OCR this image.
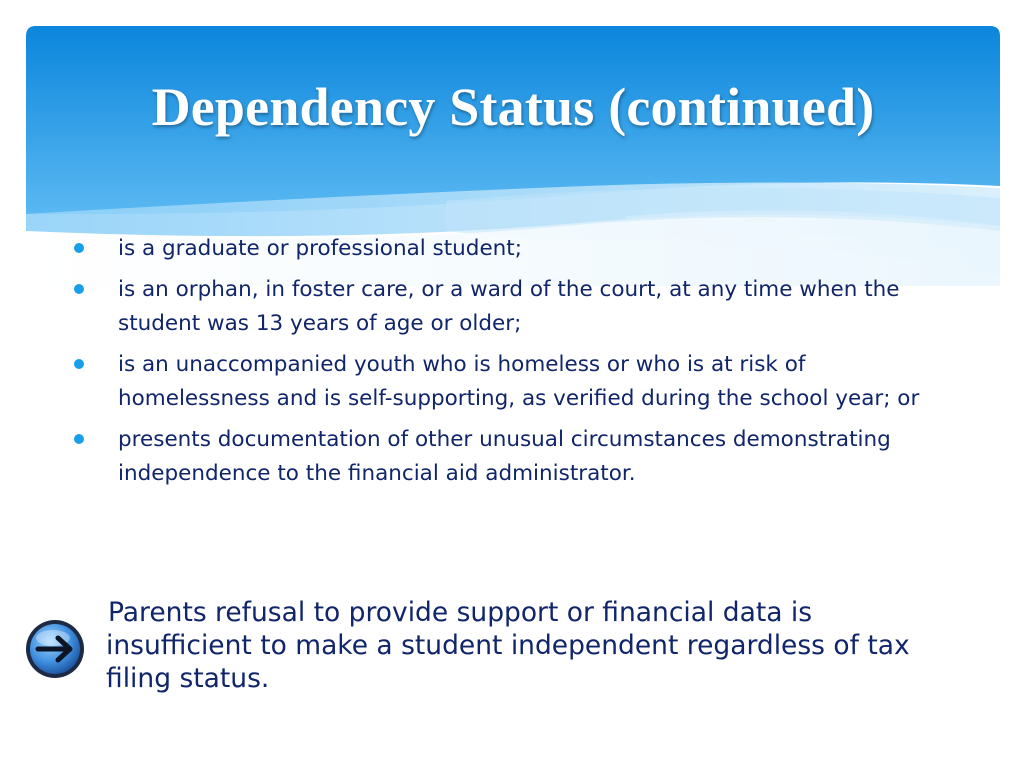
Dependency Status (continued)
is a graduate or professional student;
is an orphan, in foster care, or a ward of the court, at any time when the student was 13 years of age or older;
is an unaccompanied youth who is homeless or who is at risk of homelessness and is self-supporting, as verified during the school year; or
presents documentation of other unusual circumstances demonstrating independence to the financial aid administrator.

Parents refusal to provide support or financial data is insufficient to make a student independent regardless of tax filing status.
